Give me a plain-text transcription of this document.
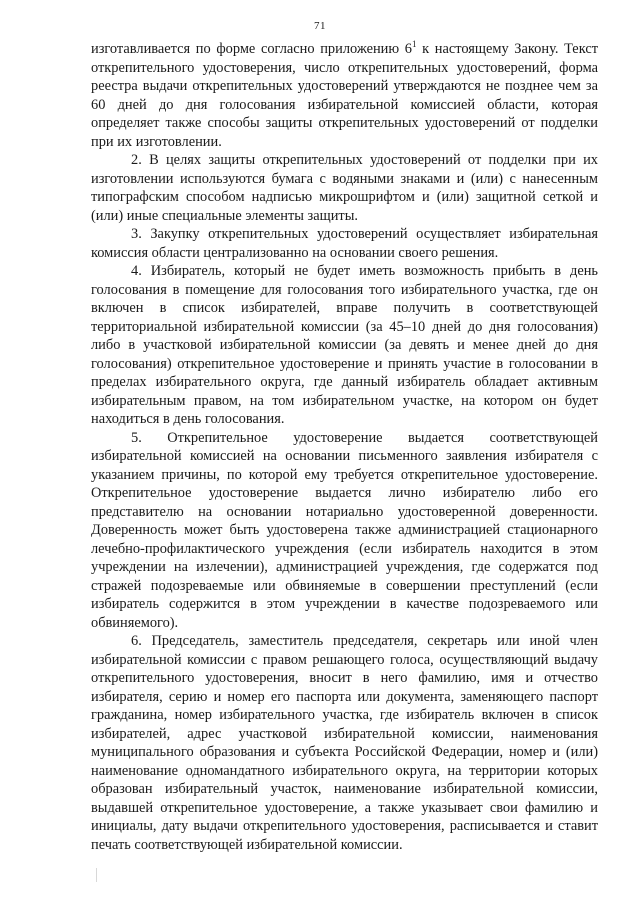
71

изготавливается по форме согласно приложению $6^1$ к настоящему Закону. Текст открепительного удостоверения, число открепительных удостоверений, форма реестра выдачи открепительных удостоверений утверждаются не позднее чем за 60 дней до дня голосования избирательной комиссией области, которая определяет также способы защиты открепительных удостоверений от подделки при их изготовлении.

2. В целях защиты открепительных удостоверений от подделки при их изготовлении используются бумага с водяными знаками и (или) с нанесенным типографским способом надписью микрошрифтом и (или) защитной сеткой и (или) иные специальные элементы защиты.

3. Закупку открепительных удостоверений осуществляет избирательная комиссия области централизованно на основании своего решения.

4. Избиратель, который не будет иметь возможность прибыть в день голосования в помещение для голосования того избирательного участка, где он включен в список избирателей, вправе получить в соответствующей территориальной избирательной комиссии (за 45–10 дней до дня голосования) либо в участковой избирательной комиссии (за девять и менее дней до дня голосования) открепительное удостоверение и принять участие в голосовании в пределах избирательного округа, где данный избиратель обладает активным избирательным правом, на том избирательном участке, на котором он будет находиться в день голосования.

5. Открепительное удостоверение выдается соответствующей избирательной комиссией на основании письменного заявления избирателя с указанием причины, по которой ему требуется открепительное удостоверение. Открепительное удостоверение выдается лично избирателю либо его представителю на основании нотариально удостоверенной доверенности. Доверенность может быть удостоверена также администрацией стационарного лечебно-профилактического учреждения (если избиратель находится в этом учреждении на излечении), администрацией учреждения, где содержатся под стражей подозреваемые или обвиняемые в совершении преступлений (если избиратель содержится в этом учреждении в качестве подозреваемого или обвиняемого).

6. Председатель, заместитель председателя, секретарь или иной член избирательной комиссии с правом решающего голоса, осуществляющий выдачу открепительного удостоверения, вносит в него фамилию, имя и отчество избирателя, серию и номер его паспорта или документа, заменяющего паспорт гражданина, номер избирательного участка, где избиратель включен в список избирателей, адрес участковой избирательной комиссии, наименования муниципального образования и субъекта Российской Федерации, номер и (или) наименование одномандатного избирательного округа, на территории которых образован избирательный участок, наименование избирательной комиссии, выдавшей открепительное удостоверение, а также указывает свои фамилию и инициалы, дату выдачи открепительного удостоверения, расписывается и ставит печать соответствующей избирательной комиссии.
